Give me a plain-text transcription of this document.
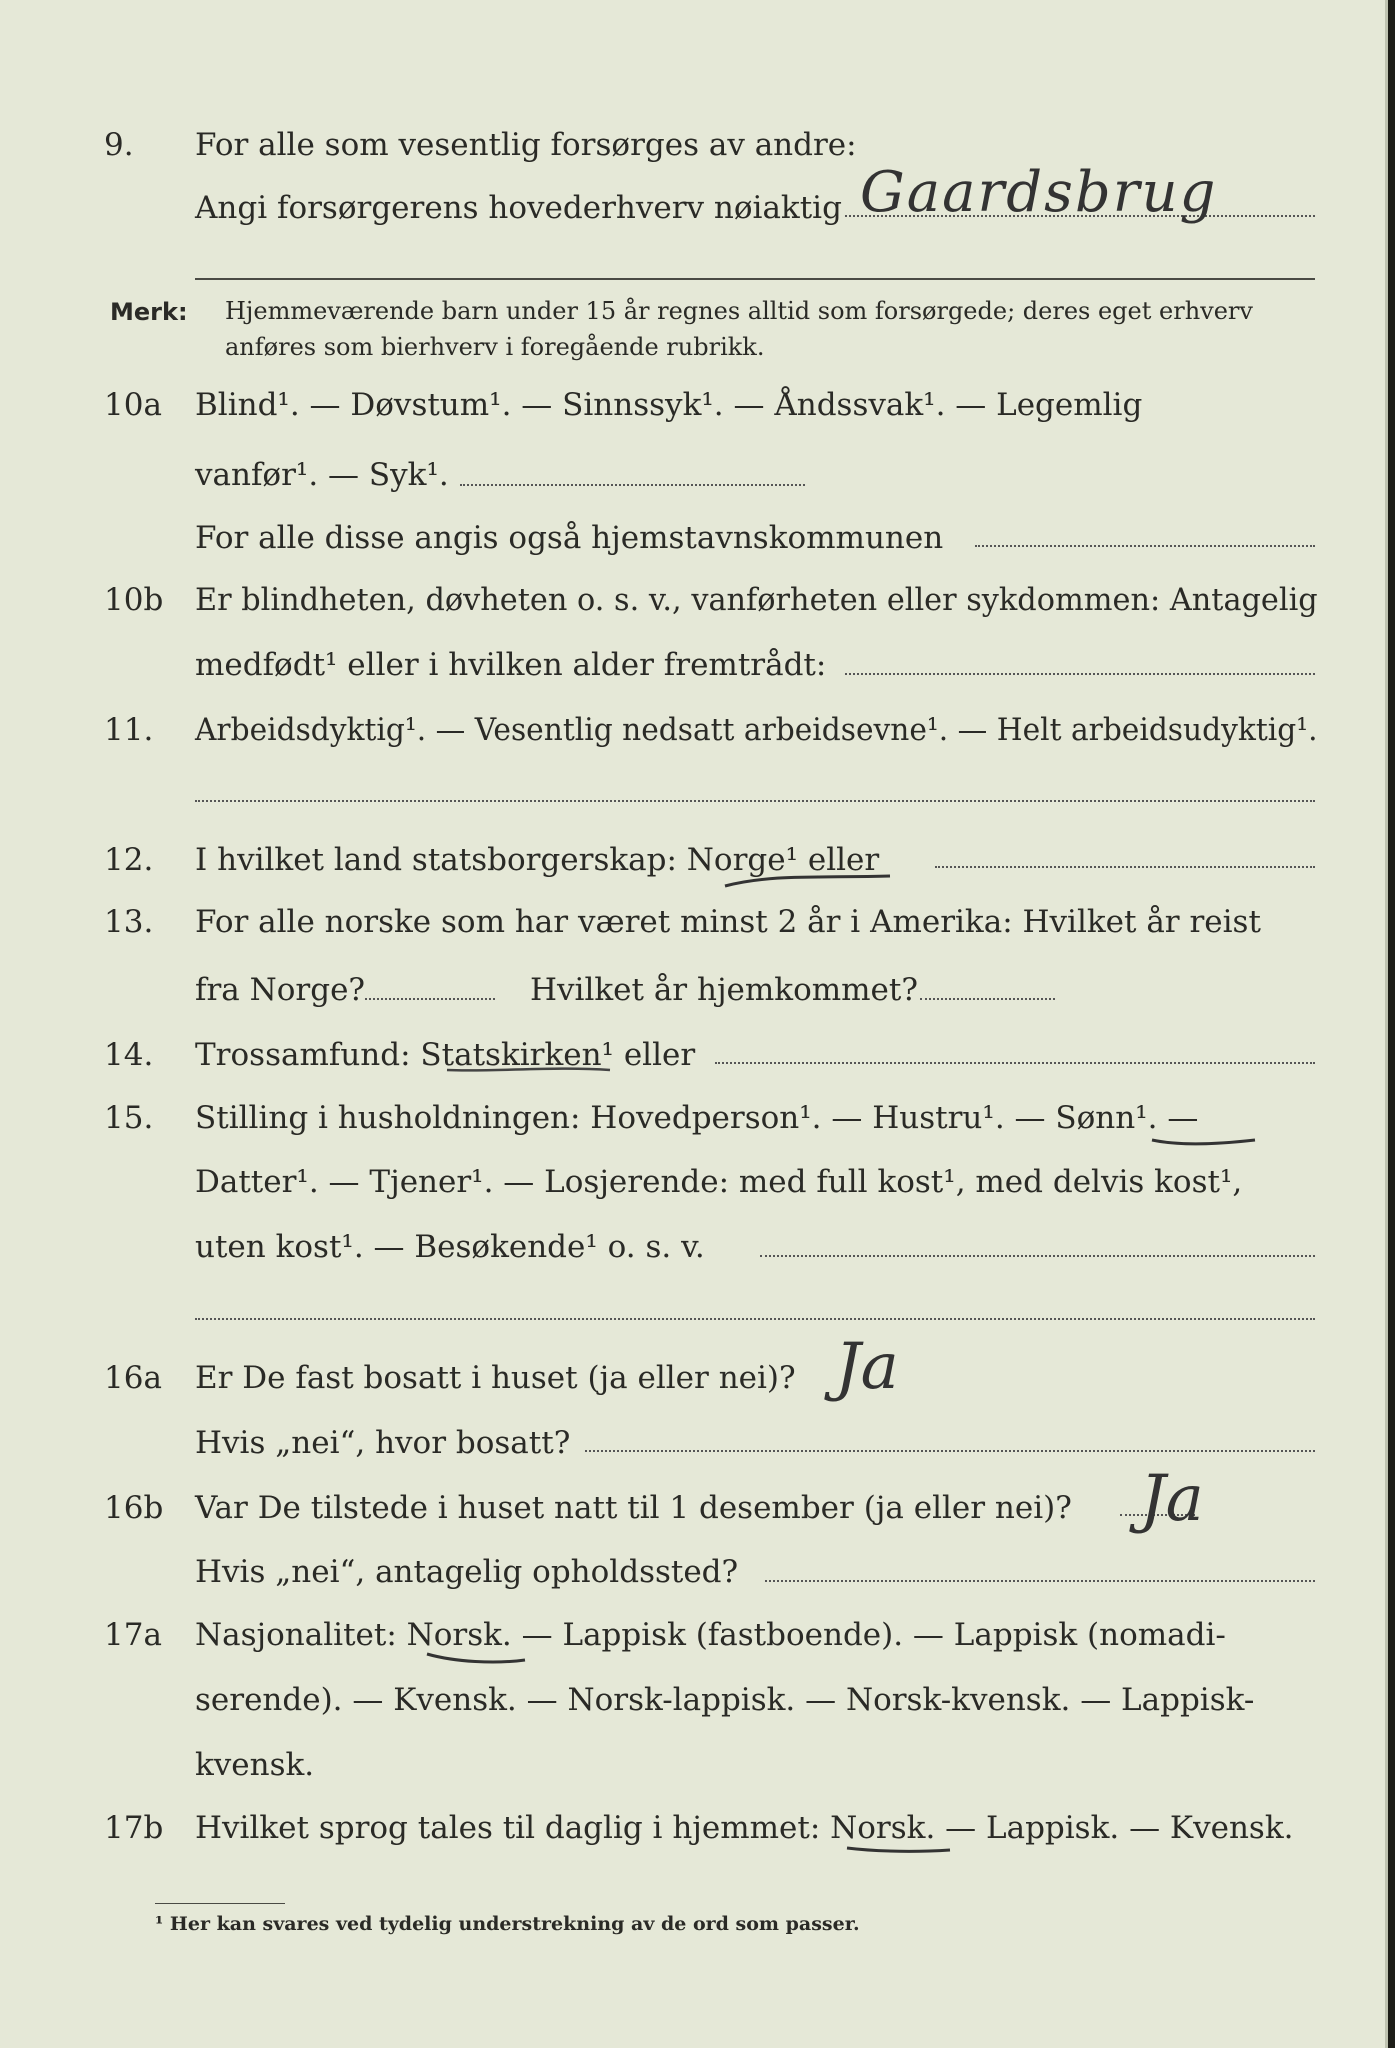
9. For alle som vesentlig forsørges av andre:
Angi forsørgerens hovederhverv nøiaktig Gaardsbrug
Merk: Hjemmeværende barn under 15 år regnes alltid som forsørgede; deres eget erhverv
anføres som bierhverv i foregående rubrikk.
10a Blind¹. — Døvstum¹. — Sinnssyk¹. — Åndssvak¹. — Legemlig
vanfør¹. — Syk¹.
For alle disse angis også hjemstavnskommunen
10b Er blindheten, døvheten o. s. v., vanførheten eller sykdommen: Antagelig
medfødt¹ eller i hvilken alder fremtrådt:
11. Arbeidsdyktig¹. — Vesentlig nedsatt arbeidsevne¹. — Helt arbeidsudyktig¹.
12. I hvilket land statsborgerskap: Norge¹ eller
13. For alle norske som har været minst 2 år i Amerika: Hvilket år reist
fra Norge?	Hvilket år hjemkommet?
14. Trossamfund: Statskirken¹ eller
15. Stilling i husholdningen: Hovedperson¹. — Hustru¹. — Sønn¹. —
Datter¹. — Tjener¹. — Losjerende: med full kost¹, med delvis kost¹,
uten kost¹. — Besøkende¹ o. s. v.
16a Er De fast bosatt i huset (ja eller nei)? Ja
Hvis „nei“, hvor bosatt?
16b Var De tilstede i huset natt til 1 desember (ja eller nei)? Ja
Hvis „nei“, antagelig opholdssted?
17a Nasjonalitet: Norsk. — Lappisk (fastboende). — Lappisk (nomadi-
serende). — Kvensk. — Norsk-lappisk. — Norsk-kvensk. — Lappisk-
kvensk.
17b Hvilket sprog tales til daglig i hjemmet: Norsk. — Lappisk. — Kvensk.
¹ Her kan svares ved tydelig understrekning av de ord som passer.
